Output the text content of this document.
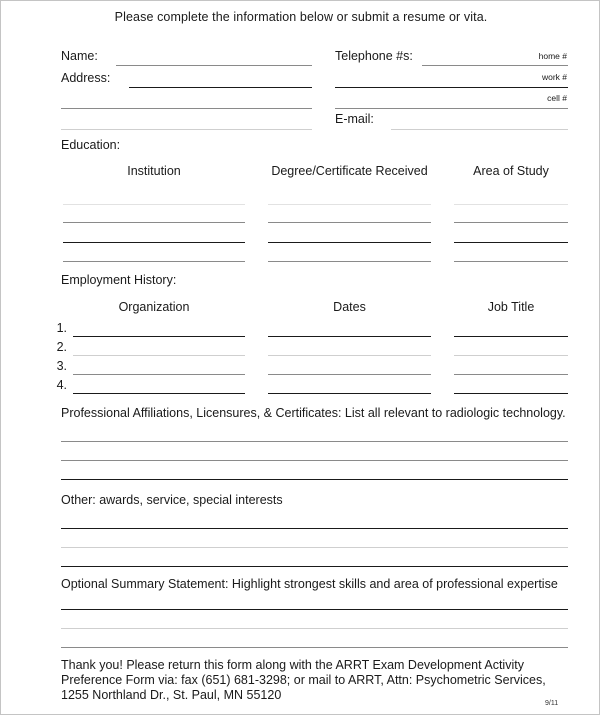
Please complete the information below or submit a resume or vita.
Name:
Address:
Telephone #s:	home #
work #
cell #
E-mail:
Education:
Institution	Degree/Certificate Received	Area of Study
Employment History:
Organization	Dates	Job Title
1.
2.
3.
4.
Professional Affiliations, Licensures, & Certificates: List all relevant to radiologic technology.
Other: awards, service, special interests
Optional Summary Statement: Highlight strongest skills and area of professional expertise
Thank you! Please return this form along with the ARRT Exam Development Activity Preference Form via: fax (651) 681-3298; or mail to ARRT, Attn: Psychometric Services, 1255 Northland Dr., St. Paul, MN 55120
9/11
